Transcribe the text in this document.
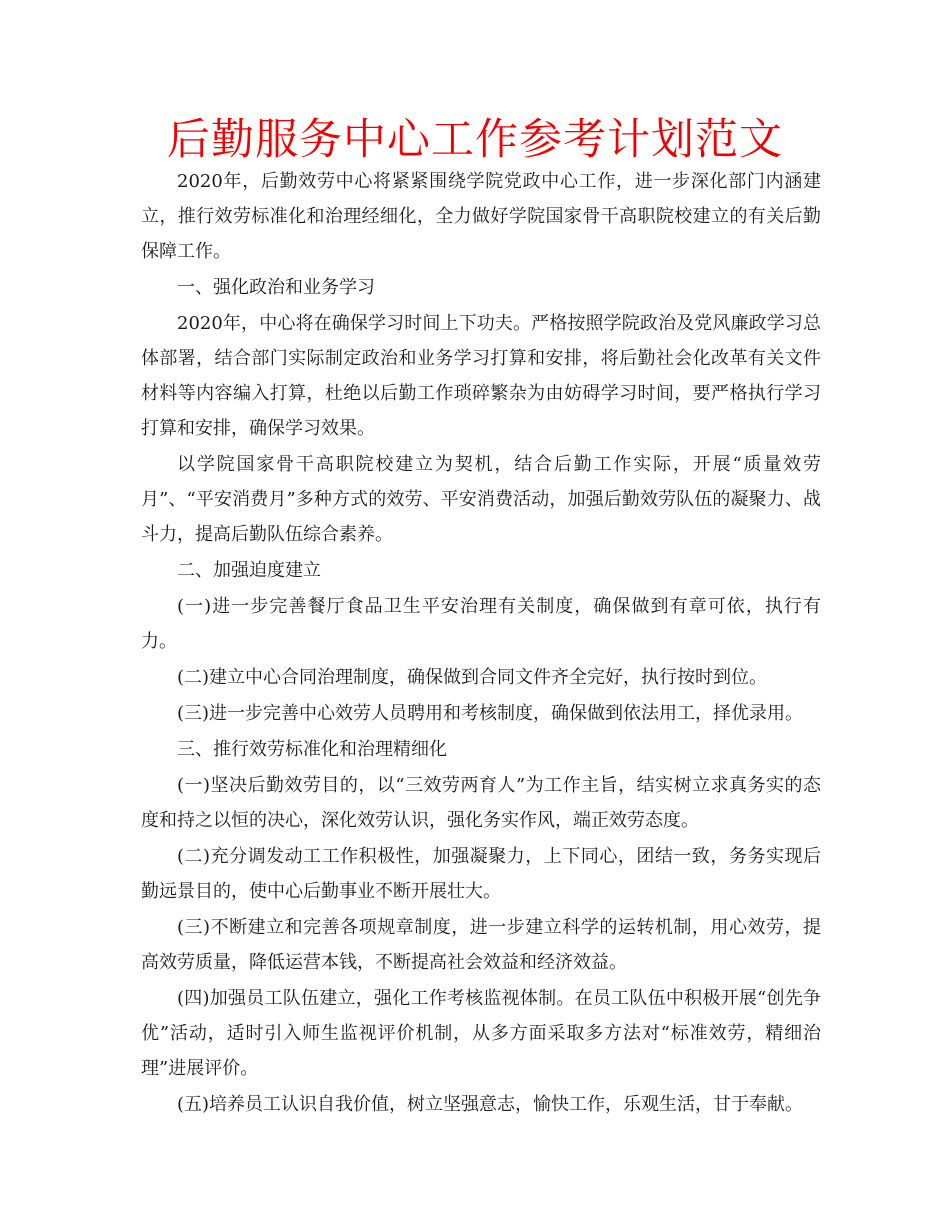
后勤服务中心工作参考计划范文

2020年，后勤效劳中心将紧紧围绕学院党政中心工作，进一步深化部门内涵建立，推行效劳标准化和治理经细化，全力做好学院国家骨干高职院校建立的有关后勤保障工作。

一、强化政治和业务学习

2020年，中心将在确保学习时间上下功夫。严格按照学院政治及党风廉政学习总体部署，结合部门实际制定政治和业务学习打算和安排，将后勤社会化改革有关文件材料等内容编入打算，杜绝以后勤工作琐碎繁杂为由妨碍学习时间，要严格执行学习打算和安排，确保学习效果。

以学院国家骨干高职院校建立为契机，结合后勤工作实际，开展“质量效劳月”、“平安消费月”多种方式的效劳、平安消费活动，加强后勤效劳队伍的凝聚力、战斗力，提高后勤队伍综合素养。

二、加强迫度建立

(一)进一步完善餐厅食品卫生平安治理有关制度，确保做到有章可依，执行有力。

(二)建立中心合同治理制度，确保做到合同文件齐全完好，执行按时到位。

(三)进一步完善中心效劳人员聘用和考核制度，确保做到依法用工，择优录用。

三、推行效劳标准化和治理精细化

(一)坚决后勤效劳目的，以“三效劳两育人”为工作主旨，结实树立求真务实的态度和持之以恒的决心，深化效劳认识，强化务实作风，端正效劳态度。

(二)充分调发动工工作积极性，加强凝聚力，上下同心，团结一致，务务实现后勤远景目的，使中心后勤事业不断开展壮大。

(三)不断建立和完善各项规章制度，进一步建立科学的运转机制，用心效劳，提高效劳质量，降低运营本钱，不断提高社会效益和经济效益。

(四)加强员工队伍建立，强化工作考核监视体制。在员工队伍中积极开展“创先争优”活动，适时引入师生监视评价机制，从多方面采取多方法对“标准效劳，精细治理”进展评价。

(五)培养员工认识自我价值，树立坚强意志，愉快工作，乐观生活，甘于奉献。
